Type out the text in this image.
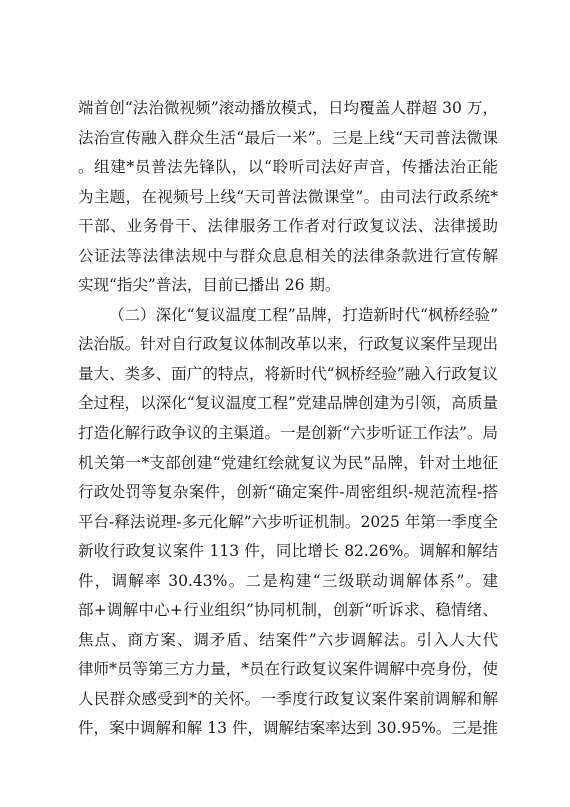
端首创“法治微视频”滚动播放模式，日均覆盖人群超 30 万，
法治宣传融入群众生活“最后一米”。三是上线“天司普法微课
。组建*员普法先锋队，以“聆听司法好声音，传播法治正能
为主题，在视频号上线“天司普法微课堂”。由司法行政系统*
干部、业务骨干、法律服务工作者对行政复议法、法律援助
公证法等法律法规中与群众息息相关的法律条款进行宣传解
实现“指尖”普法，目前已播出 26 期。
（二）深化“复议温度工程”品牌，打造新时代“枫桥经验”
法治版。针对自行政复议体制改革以来，行政复议案件呈现出
量大、类多、面广的特点，将新时代“枫桥经验”融入行政复议
全过程，以深化“复议温度工程”党建品牌创建为引领，高质量
打造化解行政争议的主渠道。一是创新“六步听证工作法”。局
机关第一*支部创建“党建红绘就复议为民”品牌，针对土地征
行政处罚等复杂案件，创新“确定案件-周密组织-规范流程-搭
平台-释法说理-多元化解”六步听证机制。2025 年第一季度全
新收行政复议案件 113 件，同比增长 82.26%。调解和解结
件，调解率 30.43%。二是构建“三级联动调解体系”。建
部+调解中心+行业组织”协同机制，创新“听诉求、稳情绪、
焦点、商方案、调矛盾、结案件”六步调解法。引入人大代
律师*员等第三方力量，*员在行政复议案件调解中亮身份，使
人民群众感受到*的关怀。一季度行政复议案件案前调解和解
件，案中调解和解 13 件，调解结案率达到 30.95%。三是推
